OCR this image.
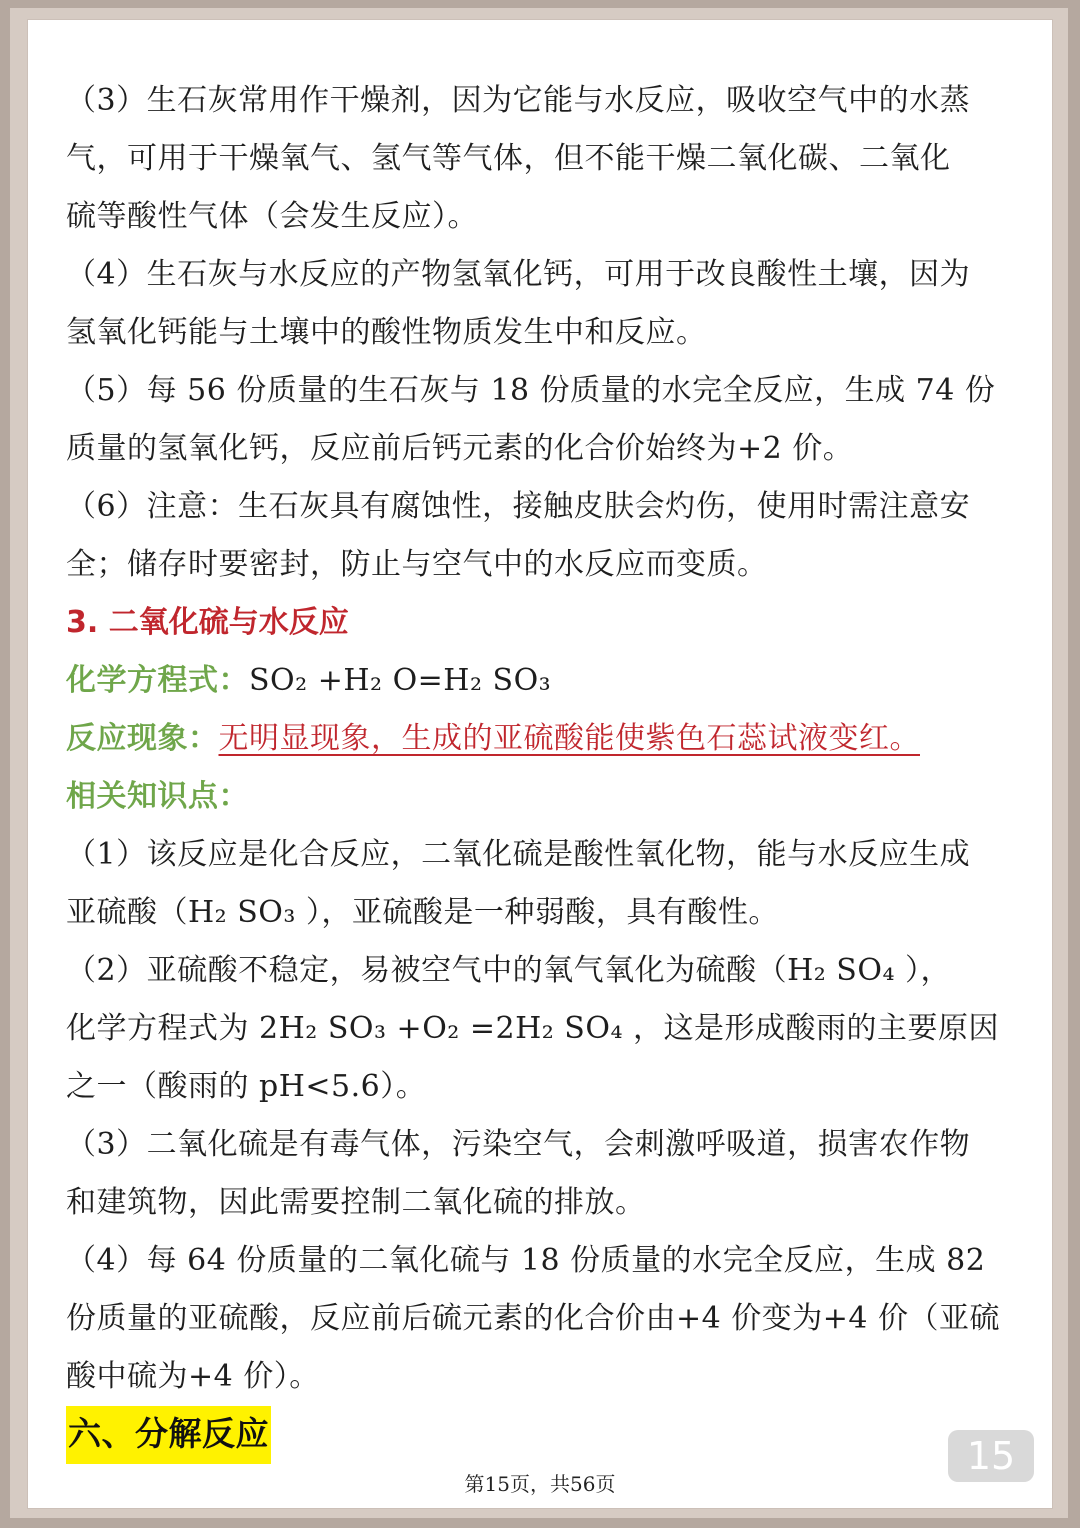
（3）生石灰常用作干燥剂，因为它能与水反应，吸收空气中的水蒸
气，可用于干燥氧气、氢气等气体，但不能干燥二氧化碳、二氧化
硫等酸性气体（会发生反应）。
（4）生石灰与水反应的产物氢氧化钙，可用于改良酸性土壤，因为
氢氧化钙能与土壤中的酸性物质发生中和反应。
（5）每 56 份质量的生石灰与 18 份质量的水完全反应，生成 74 份
质量的氢氧化钙，反应前后钙元素的化合价始终为+2 价。
（6）注意：生石灰具有腐蚀性，接触皮肤会灼伤，使用时需注意安
全；储存时要密封，防止与空气中的水反应而变质。
3. 二氧化硫与水反应
化学方程式：SO₂ +H₂ O=H₂ SO₃
反应现象：无明显现象，生成的亚硫酸能使紫色石蕊试液变红。
相关知识点：
（1）该反应是化合反应，二氧化硫是酸性氧化物，能与水反应生成
亚硫酸（H₂ SO₃ ），亚硫酸是一种弱酸，具有酸性。
（2）亚硫酸不稳定，易被空气中的氧气氧化为硫酸（H₂ SO₄ ），
化学方程式为 2H₂ SO₃ +O₂ =2H₂ SO₄ ，这是形成酸雨的主要原因
之一（酸雨的 pH<5.6）。
（3）二氧化硫是有毒气体，污染空气，会刺激呼吸道，损害农作物
和建筑物，因此需要控制二氧化硫的排放。
（4）每 64 份质量的二氧化硫与 18 份质量的水完全反应，生成 82
份质量的亚硫酸，反应前后硫元素的化合价由+4 价变为+4 价（亚硫
酸中硫为+4 价）。
六、分解反应
15
第15页，共56页
